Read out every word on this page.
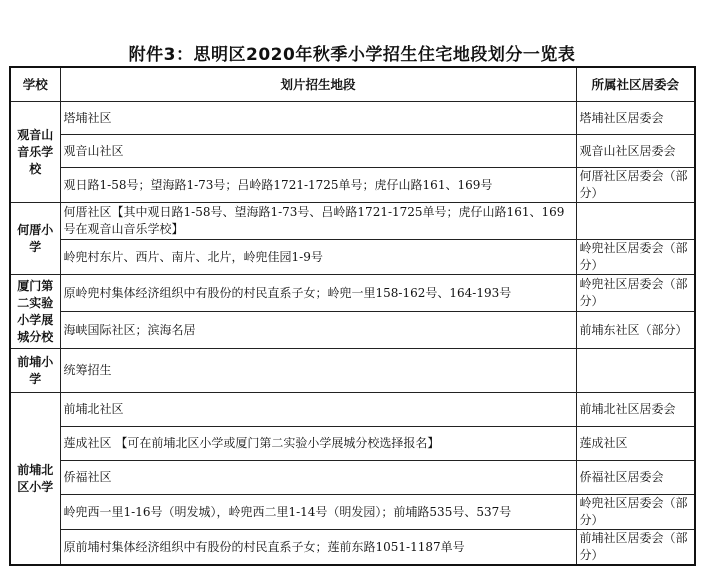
附件3：思明区2020年秋季小学招生住宅地段划分一览表
学校	划片招生地段	所属社区居委会
观音山音乐学校	塔埔社区	塔埔社区居委会
	观音山社区	观音山社区居委会
	观日路1-58号；望海路1-73号；吕岭路1721-1725单号；虎仔山路161、169号	何厝社区居委会（部分）
何厝小学	何厝社区【其中观日路1-58号、望海路1-73号、吕岭路1721-1725单号；虎仔山路161、169号在观音山音乐学校】	
	岭兜村东片、西片、南片、北片，岭兜佳园1-9号	岭兜社区居委会（部分）
厦门第二实验小学展城分校	原岭兜村集体经济组织中有股份的村民直系子女；岭兜一里158-162号、164-193号	岭兜社区居委会（部分）
	海峡国际社区；滨海名居	前埔东社区（部分）
前埔小学	统筹招生	
前埔北区小学	前埔北社区	前埔北社区居委会
	莲成社区 【可在前埔北区小学或厦门第二实验小学展城分校选择报名】	莲成社区
	侨福社区	侨福社区居委会
	岭兜西一里1-16号（明发城），岭兜西二里1-14号（明发园）；前埔路535号、537号	岭兜社区居委会（部分）
	原前埔村集体经济组织中有股份的村民直系子女；莲前东路1051-1187单号	前埔社区居委会（部分）
